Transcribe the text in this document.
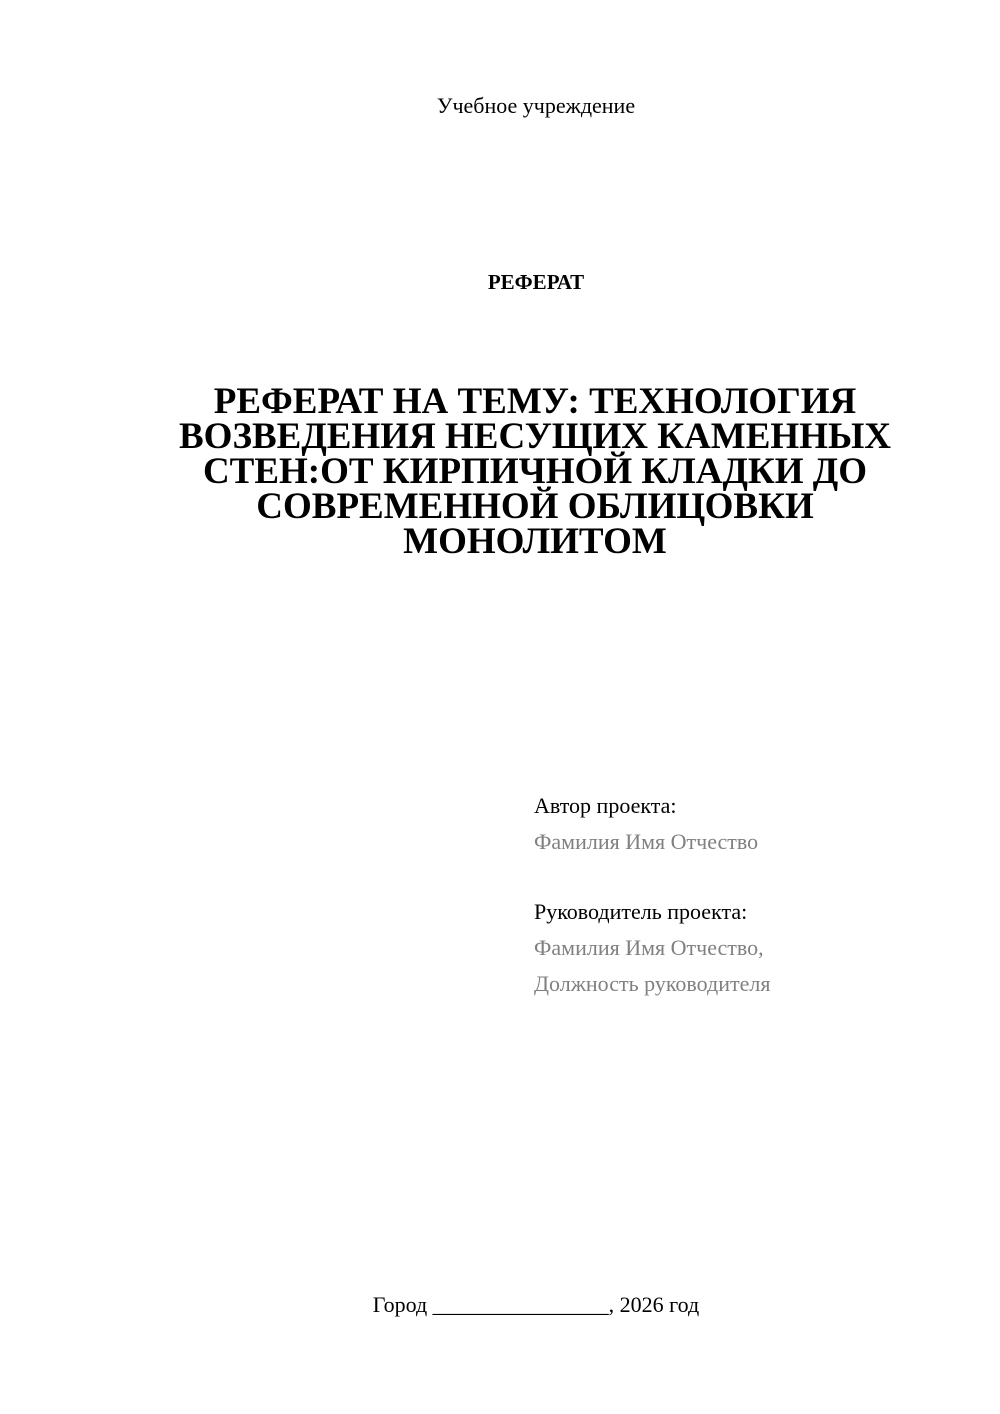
Учебное учреждение
РЕФЕРАТ
РЕФЕРАТ НА ТЕМУ: ТЕХНОЛОГИЯ
ВОЗВЕДЕНИЯ НЕСУЩИХ КАМЕННЫХ
СТЕН:ОТ КИРПИЧНОЙ КЛАДКИ ДО
СОВРЕМЕННОЙ ОБЛИЦОВКИ
МОНОЛИТОМ
Автор проекта:
Фамилия Имя Отчество
Руководитель проекта:
Фамилия Имя Отчество,
Должность руководителя
Город ________________, 2026 год
